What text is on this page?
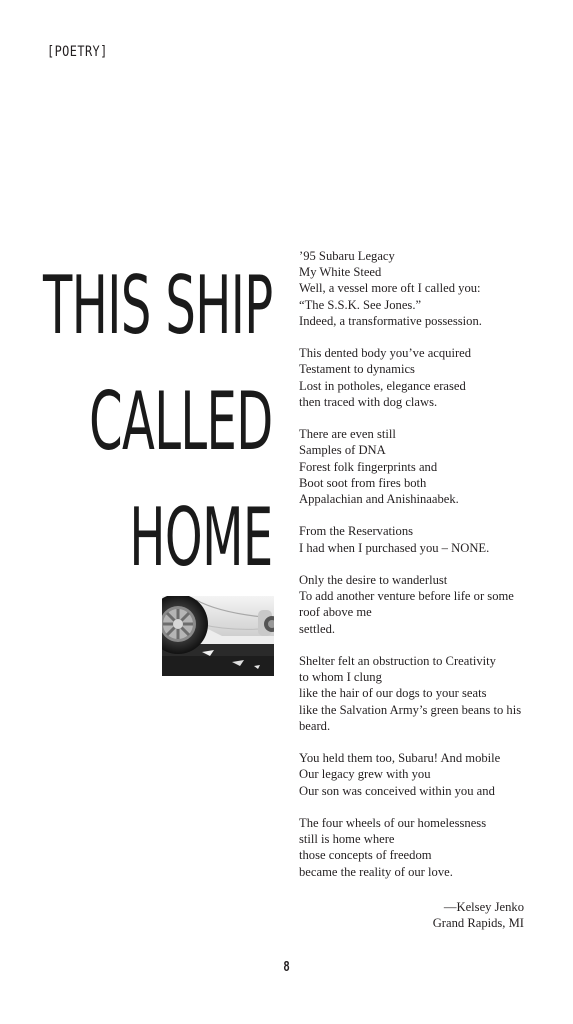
[POETRY]
THIS SHIP
CALLED
HOME
’95 Subaru Legacy
My White Steed
Well, a vessel more oft I called you:
“The S.S.K. See Jones.”
Indeed, a transformative possession.
This dented body you’ve acquired
Testament to dynamics
Lost in potholes, elegance erased
then traced with dog claws.
There are even still
Samples of DNA
Forest folk fingerprints and
Boot soot from fires both
Appalachian and Anishinaabek.
From the Reservations
I had when I purchased you – NONE.
Only the desire to wanderlust
To add another venture before life or some
roof above me
settled.
Shelter felt an obstruction to Creativity
to whom I clung
like the hair of our dogs to your seats
like the Salvation Army’s green beans to his
beard.
You held them too, Subaru! And mobile
Our legacy grew with you
Our son was conceived within you and
The four wheels of our homelessness
still is home where
those concepts of freedom
became the reality of our love.
—Kelsey Jenko
Grand Rapids, MI
8
